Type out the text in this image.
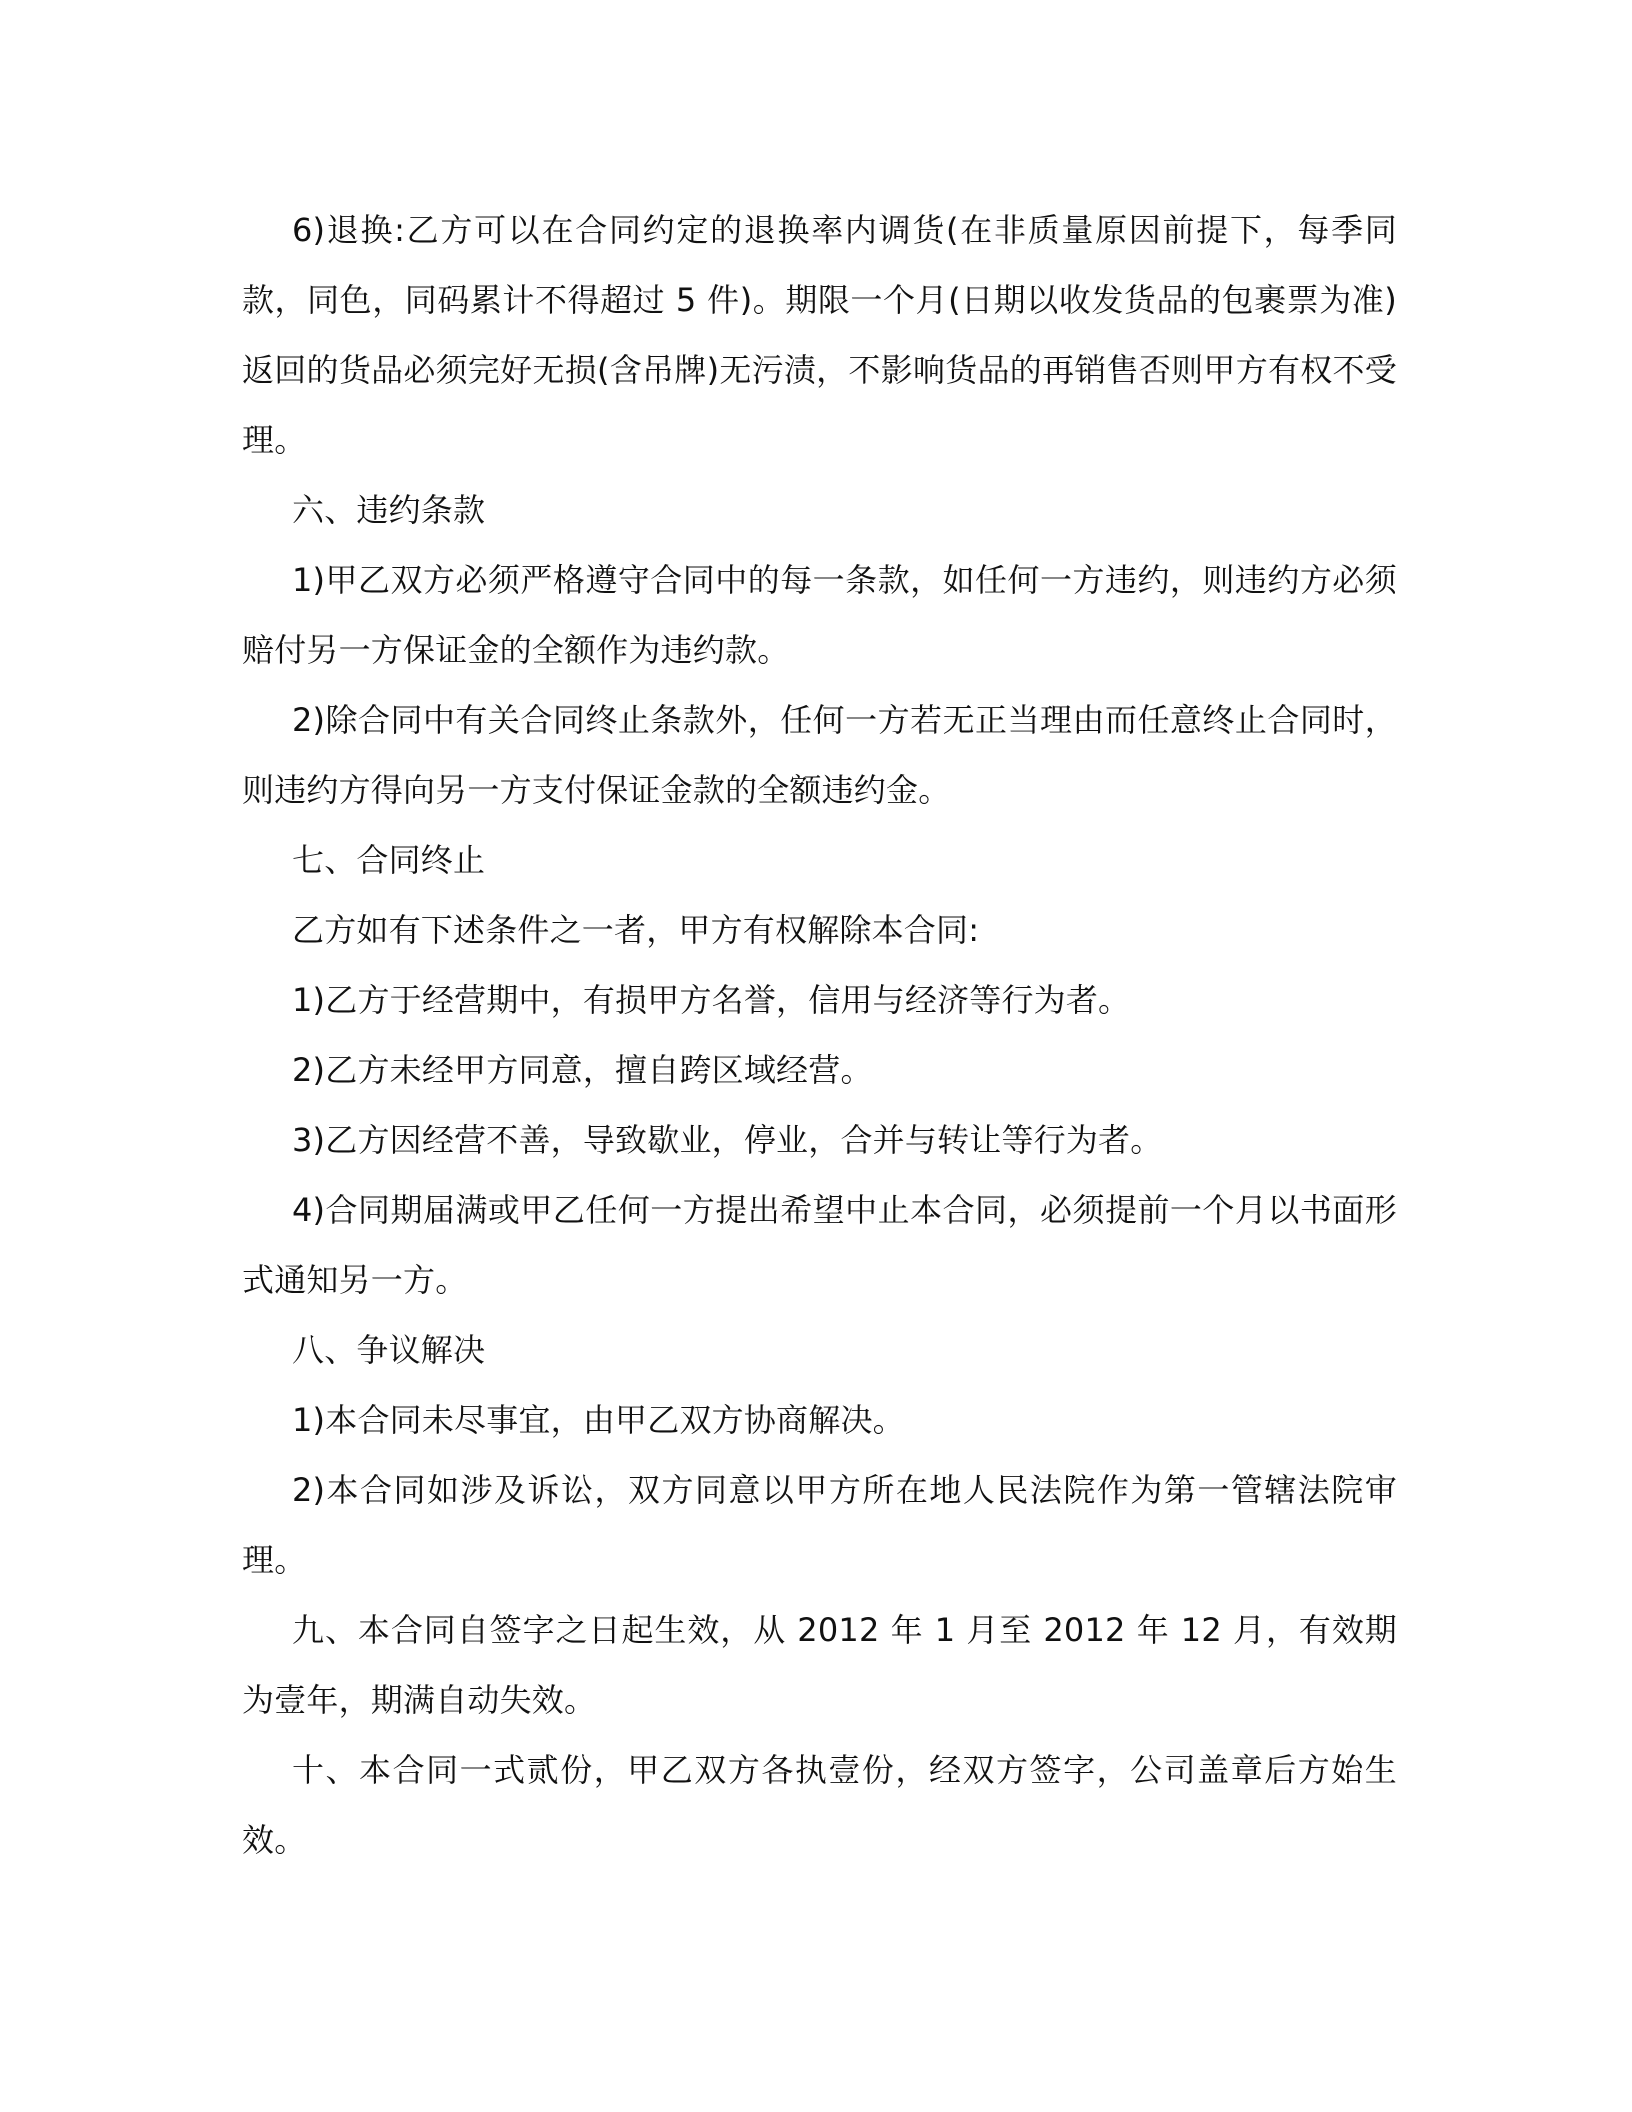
6)退换:乙方可以在合同约定的退换率内调货(在非质量原因前提下，每季同款，同色，同码累计不得超过 5 件)。期限一个月(日期以收发货品的包裹票为准)返回的货品必须完好无损(含吊牌)无污渍，不影响货品的再销售否则甲方有权不受理。

六、违约条款

1)甲乙双方必须严格遵守合同中的每一条款，如任何一方违约，则违约方必须赔付另一方保证金的全额作为违约款。

2)除合同中有关合同终止条款外，任何一方若无正当理由而任意终止合同时，则违约方得向另一方支付保证金款的全额违约金。

七、合同终止

乙方如有下述条件之一者，甲方有权解除本合同:

1)乙方于经营期中，有损甲方名誉，信用与经济等行为者。

2)乙方未经甲方同意，擅自跨区域经营。

3)乙方因经营不善，导致歇业，停业，合并与转让等行为者。

4)合同期届满或甲乙任何一方提出希望中止本合同，必须提前一个月以书面形式通知另一方。

八、争议解决

1)本合同未尽事宜，由甲乙双方协商解决。

2)本合同如涉及诉讼，双方同意以甲方所在地人民法院作为第一管辖法院审理。

九、本合同自签字之日起生效，从 2012 年 1 月至 2012 年 12 月，有效期为壹年，期满自动失效。

十、本合同一式贰份，甲乙双方各执壹份，经双方签字，公司盖章后方始生效。
